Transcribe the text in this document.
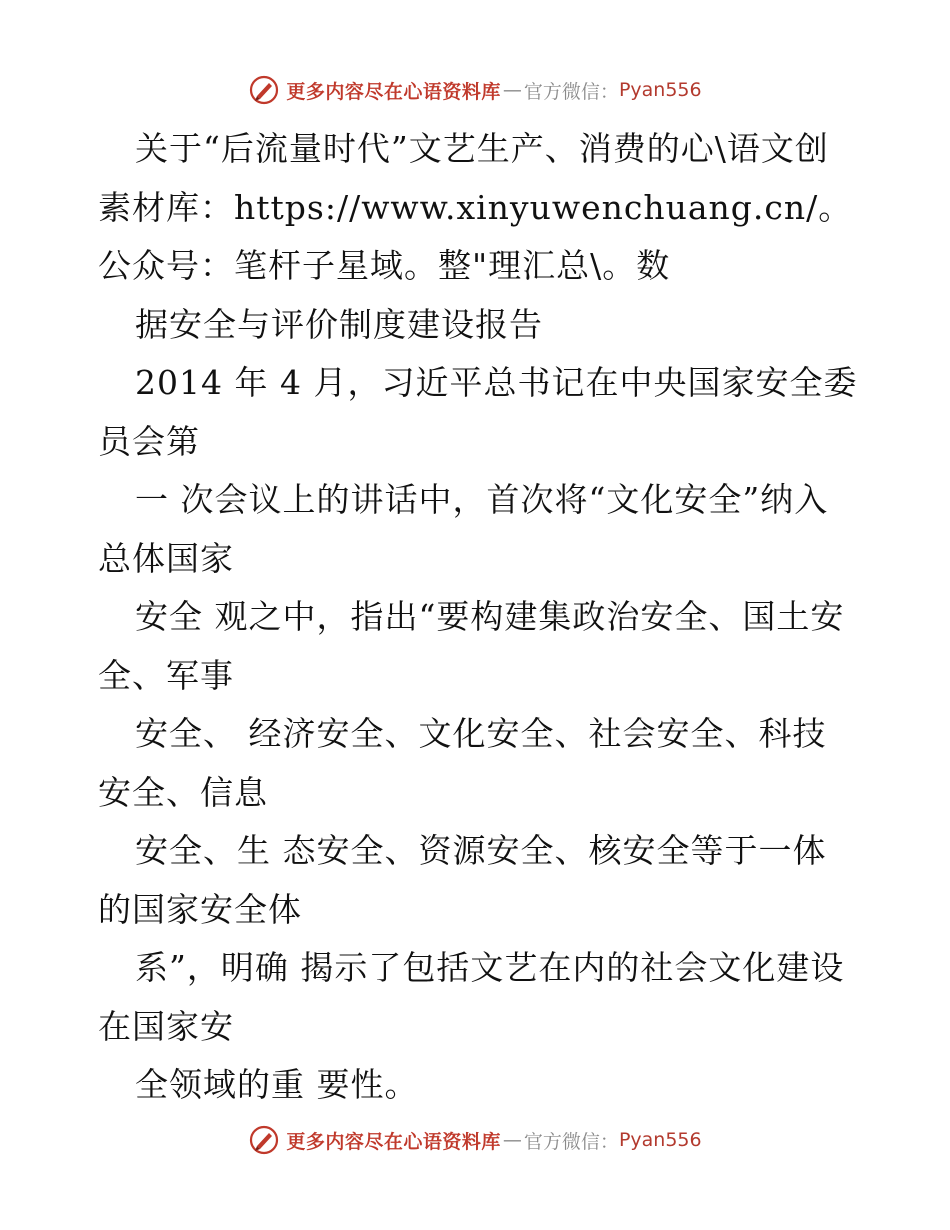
更多内容尽在心语资料库 — 官方微信： Pyan556

关于“后流量时代”文艺生产、消费的心\语文创素材库：https://www.xinyuwenchuang.cn/。公众号：笔杆子星域。整"理汇总\。数

据安全与评价制度建设报告

2014 年 4 月，习近平总书记在中央国家安全委员会第

一 次会议上的讲话中，首次将“文化安全”纳入总体国家

安全 观之中，指出“要构建集政治安全、国土安全、军事

安全、 经济安全、文化安全、社会安全、科技安全、信息

安全、生 态安全、资源安全、核安全等于一体的国家安全体

系”，明确 揭示了包括文艺在内的社会文化建设在国家安

全领域的重 要性。

更多内容尽在心语资料库 — 官方微信： Pyan556
